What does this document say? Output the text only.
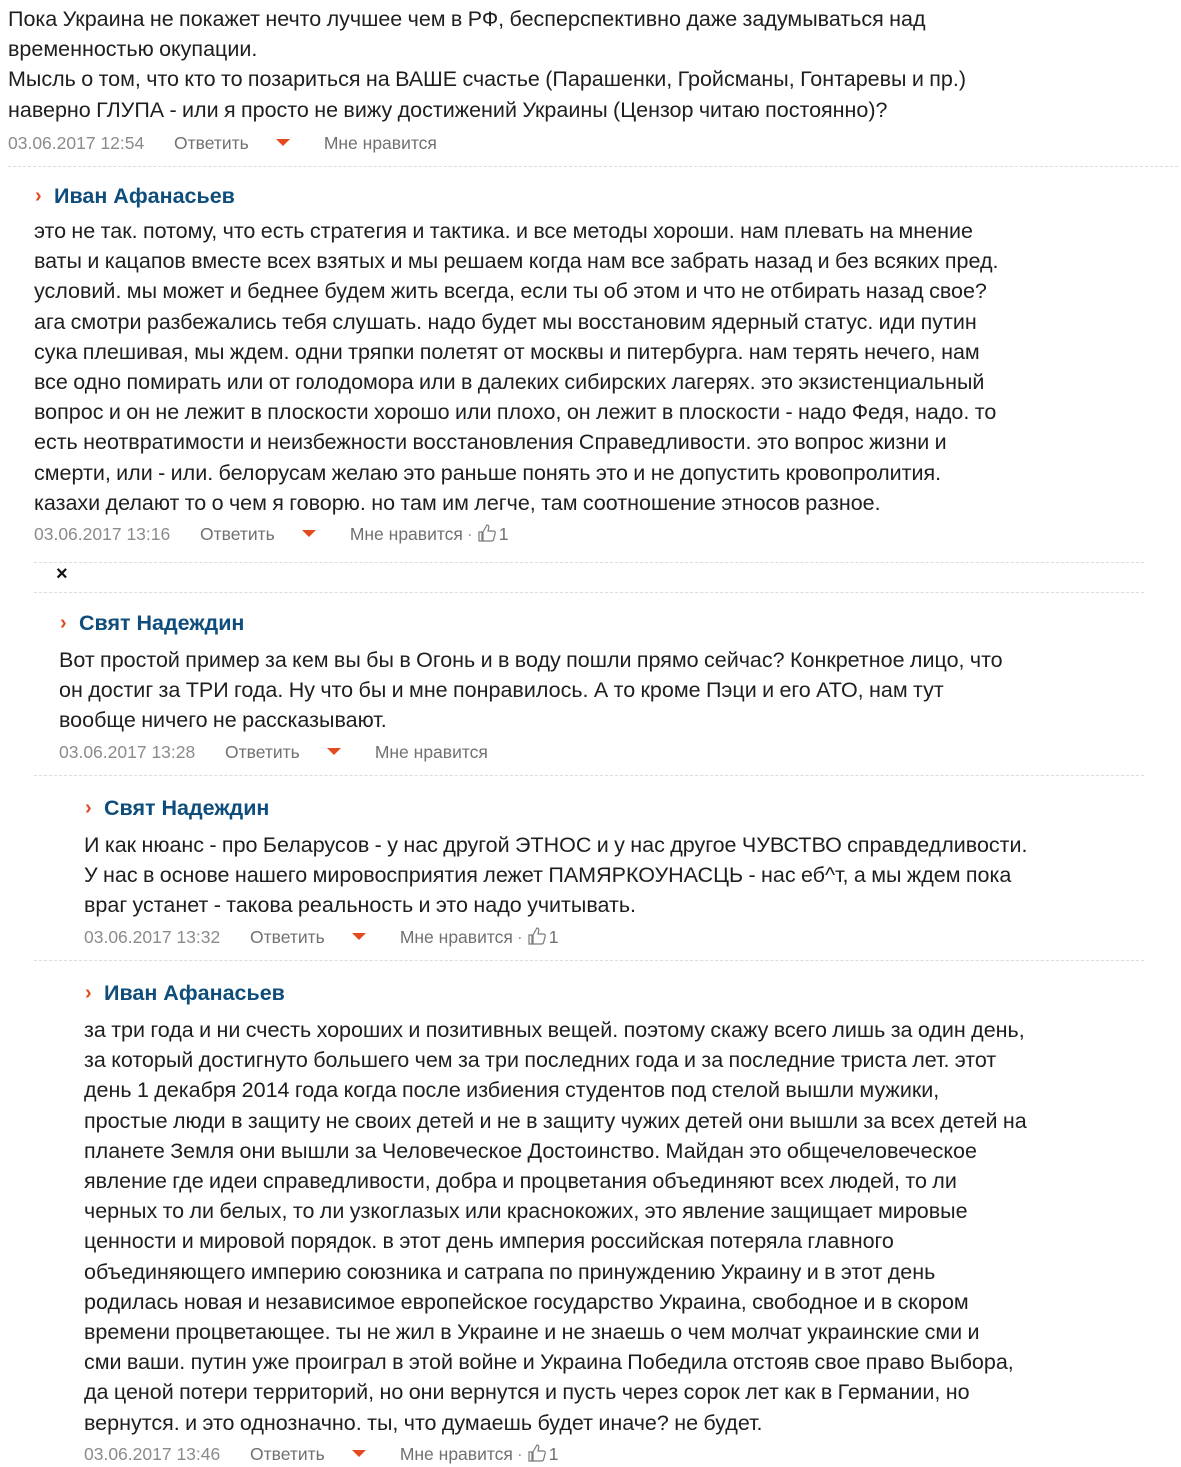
Пока Украина не покажет нечто лучшее чем в РФ, бесперспективно даже задумываться над
временностью окупации.
Мысль о том, что кто то позариться на ВАШЕ счастье (Парашенки, Гройсманы, Гонтаревы и пр.)
наверно ГЛУПА - или я просто не вижу достижений Украины (Цензор читаю постоянно)?
03.06.2017 12:54 Ответить	Мне нравится
› Иван Афанасьев
это не так. потому, что есть стратегия и тактика. и все методы хороши. нам плевать на мнение
ваты и кацапов вместе всех взятых и мы решаем когда нам все забрать назад и без всяких пред.
условий. мы может и беднее будем жить всегда, если ты об этом и что не отбирать назад свое?
ага смотри разбежались тебя слушать. надо будет мы восстановим ядерный статус. иди путин
сука плешивая, мы ждем. одни тряпки полетят от москвы и питербурга. нам терять нечего, нам
все одно помирать или от голодомора или в далеких сибирских лагерях. это экзистенциальный
вопрос и он не лежит в плоскости хорошо или плохо, он лежит в плоскости - надо Федя, надо. то
есть неотвратимости и неизбежности восстановления Справедливости. это вопрос жизни и
смерти, или - или. белорусам желаю это раньше понять это и не допустить кровопролития.
казахи делают то о чем я говорю. но там им легче, там соотношение этносов разное.
03.06.2017 13:16 Ответить	Мне нравится · 1
×
› Свят Надеждин
Вот простой пример за кем вы бы в Огонь и в воду пошли прямо сейчас? Конкретное лицо, что
он достиг за ТРИ года. Ну что бы и мне понравилось. А то кроме Пэци и его АТО, нам тут
вообще ничего не рассказывают.
03.06.2017 13:28 Ответить	Мне нравится
› Свят Надеждин
И как нюанс - про Беларусов - у нас другой ЭТНОС и у нас другое ЧУВСТВО справдедливости.
У нас в основе нашего мировосприятия лежет ПАМЯРКОУНАСЦЬ - нас еб^т, а мы ждем пока
враг устанет - такова реальность и это надо учитывать.
03.06.2017 13:32 Ответить	Мне нравится · 1
› Иван Афанасьев
за три года и ни счесть хороших и позитивных вещей. поэтому скажу всего лишь за один день,
за который достигнуто большего чем за три последних года и за последние триста лет. этот
день 1 декабря 2014 года когда после избиения студентов под стелой вышли мужики,
простые люди в защиту не своих детей и не в защиту чужих детей они вышли за всех детей на
планете Земля они вышли за Человеческое Достоинство. Майдан это общечеловеческое
явление где идеи справедливости, добра и процветания объединяют всех людей, то ли
черных то ли белых, то ли узкоглазых или краснокожих, это явление защищает мировые
ценности и мировой порядок. в этот день империя российская потеряла главного
объединяющего империю союзника и сатрапа по принуждению Украину и в этот день
родилась новая и независимое европейское государство Украина, свободное и в скором
времени процветающее. ты не жил в Украине и не знаешь о чем молчат украинские сми и
сми ваши. путин уже проиграл в этой войне и Украина Победила отстояв свое право Выбора,
да ценой потери территорий, но они вернутся и пусть через сорок лет как в Германии, но
вернутся. и это однозначно. ты, что думаешь будет иначе? не будет.
03.06.2017 13:46 Ответить	Мне нравится · 1
